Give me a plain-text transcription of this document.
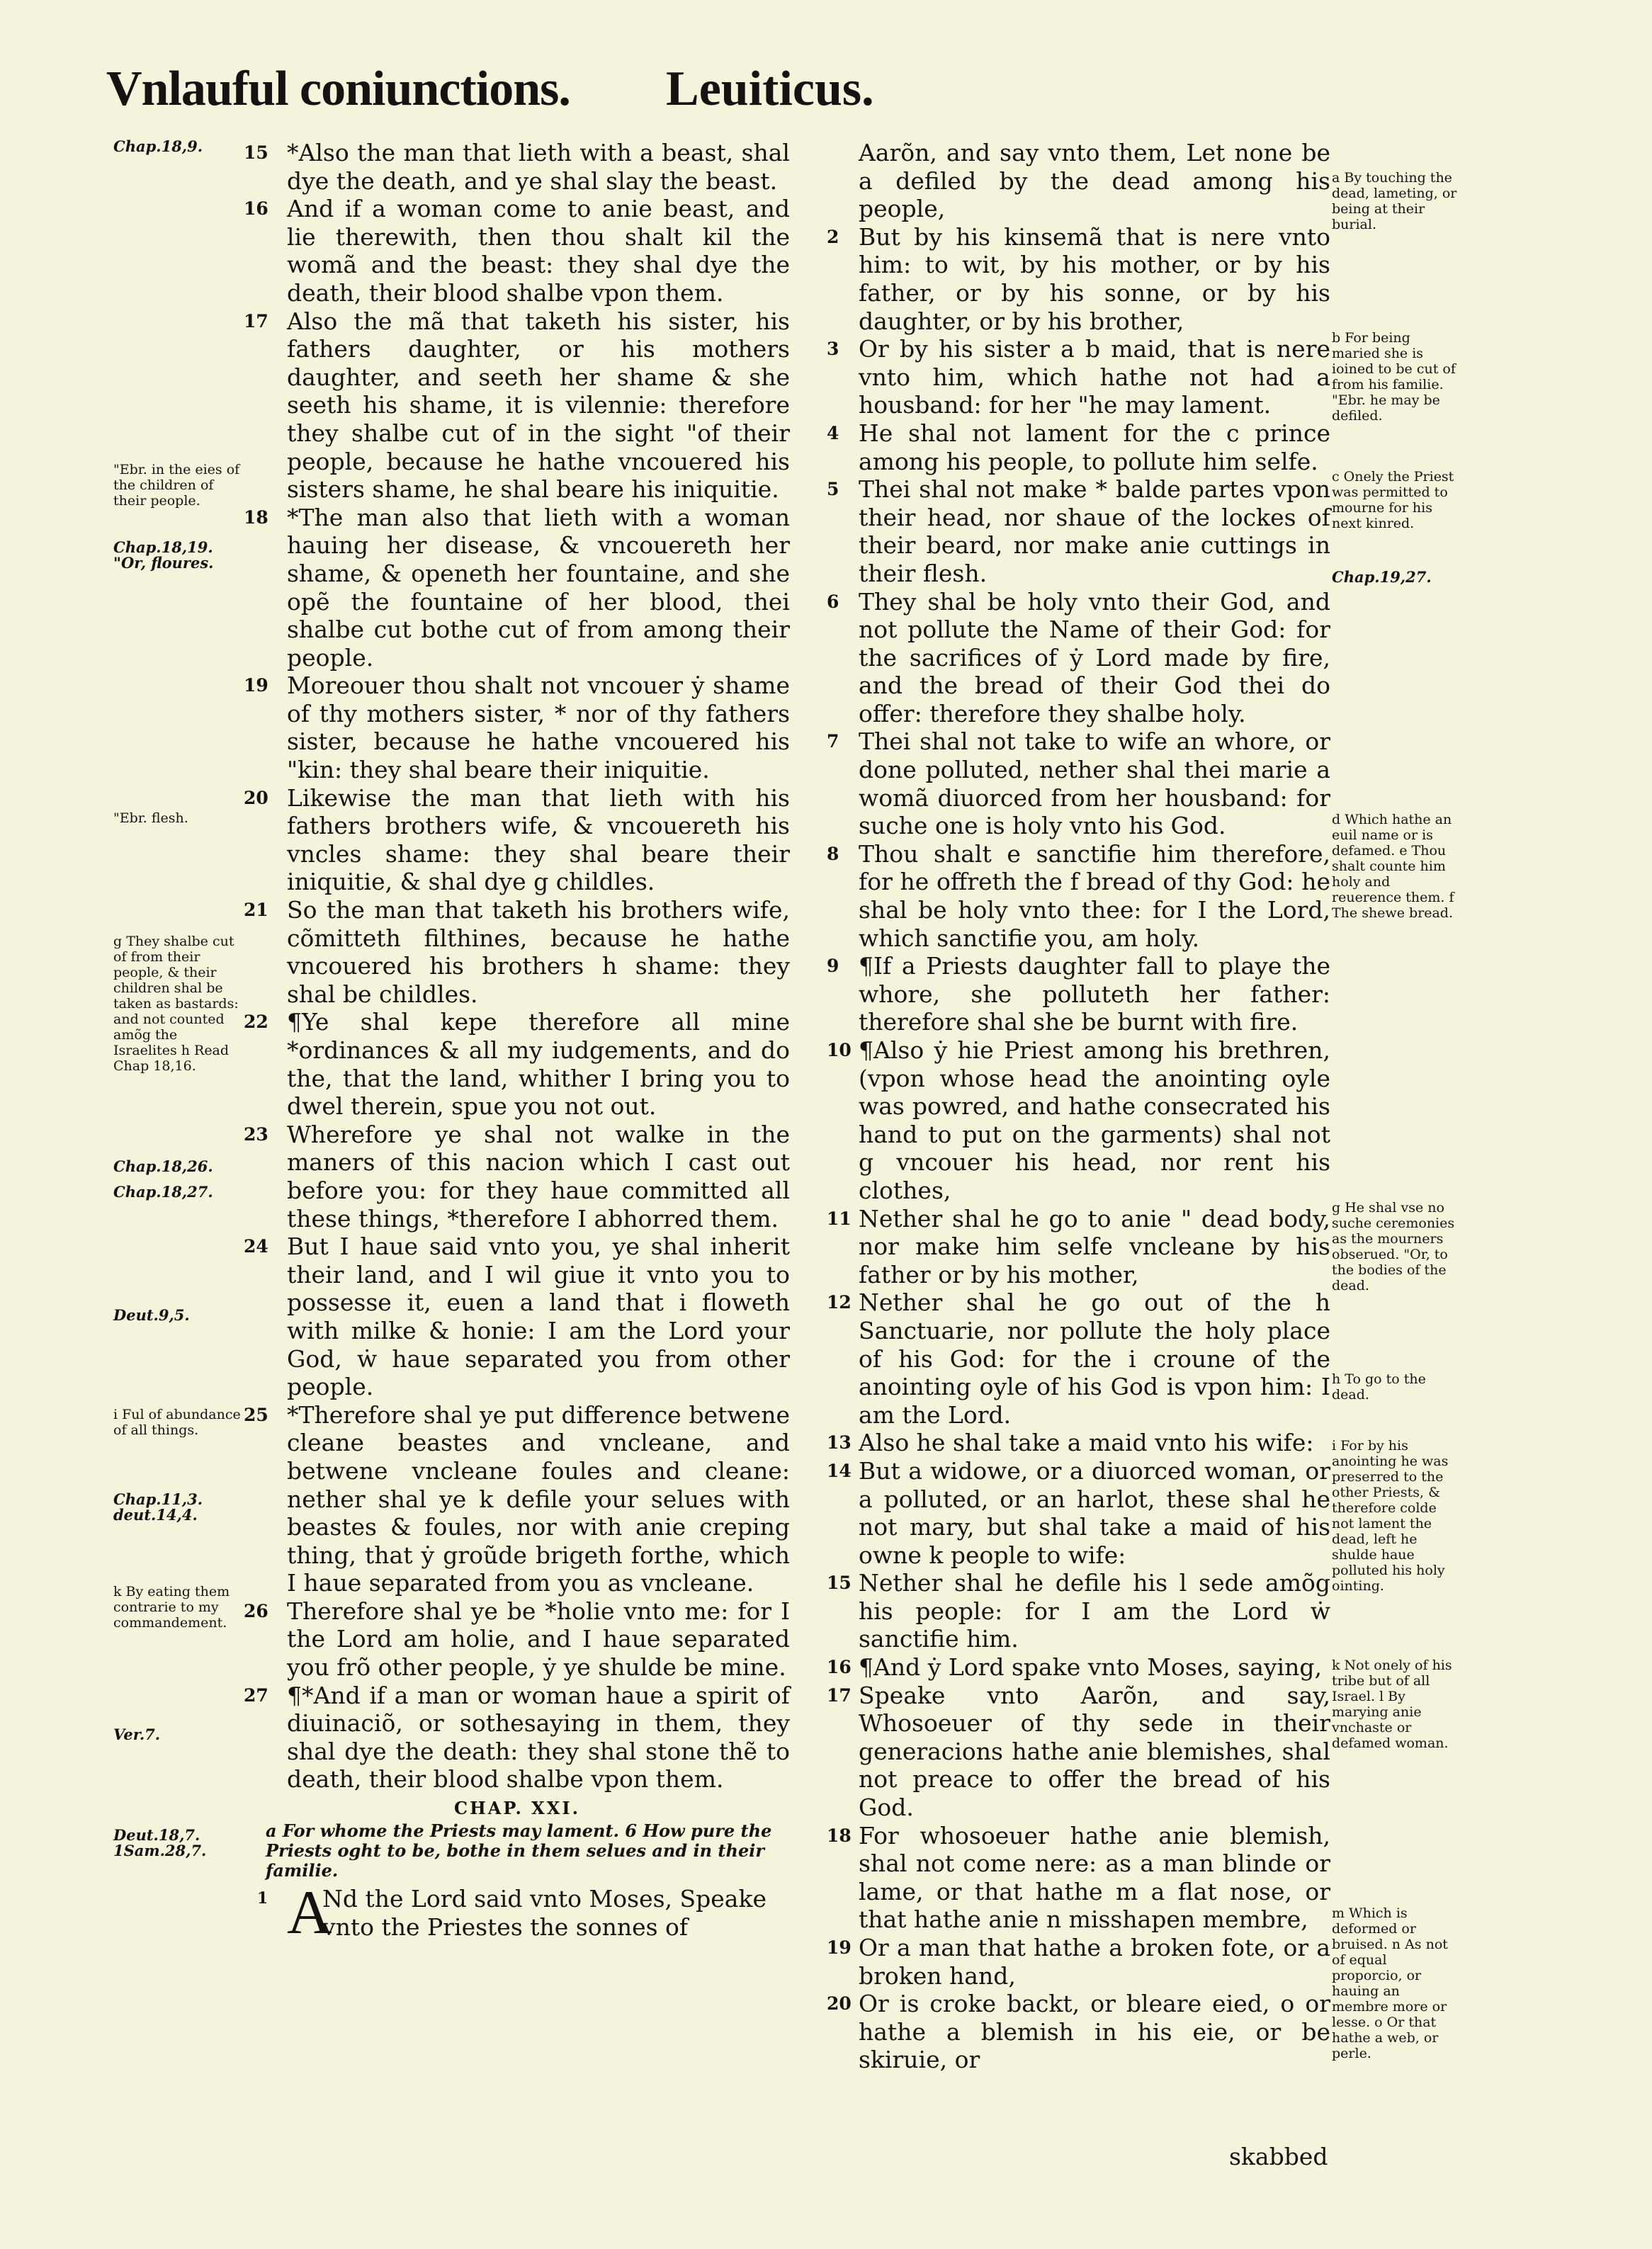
Vnlauful coniunctions. Leuiticus.
Chap.18,9.
"Ebr. in the eies of the children of their people.
Chap.18,19. "Or, floures.
"Ebr. flesh.
g They shalbe cut of from their people, & their children shal be taken as bastards: and not counted amõg the Israelites h Read Chap 18,16.
Chap.18,26.
Chap.18,27.
Deut.9,5.
i Ful of abundance of all things.
Chap.11,3. deut.14,4.
k By eating them contrarie to my commandement.
Ver.7.
Deut.18,7. 1Sam.28,7.
15 *Also the man that lieth with a beast, shal dye the death, and ye shal slay the beast.
16 And if a woman come to anie beast, and lie therewith, then thou shalt kil the womã and the beast: they shal dye the death, their blood shalbe vpon them.
17 Also the mã that taketh his sister, his fathers daughter, or his mothers daughter, and seeth her shame & she seeth his shame, it is vilennie: therefore they shalbe cut of in the sight "of their people, because he hathe vncouered his sisters shame, he shal beare his iniquitie.
18 *The man also that lieth with a woman hauing her disease, & vncouereth her shame, & openeth her fountaine, and she opẽ the fountaine of her blood, thei shalbe cut bothe cut of from among their people.
19 Moreouer thou shalt not vncouer ẏ shame of thy mothers sister, * nor of thy fathers sister, because he hathe vncouered his "kin: they shal beare their iniquitie.
20 Likewise the man that lieth with his fathers brothers wife, & vncouereth his vncles shame: they shal beare their iniquitie, & shal dye g childles.
21 So the man that taketh his brothers wife, cõmitteth filthines, because he hathe vncouered his brothers h shame: they shal be childles.
22 ¶Ye shal kepe therefore all mine *ordinances & all my iudgements, and do the, that the land, whither I bring you to dwel therein, spue you not out.
23 Wherefore ye shal not walke in the maners of this nacion which I cast out before you: for they haue committed all these things, *therefore I abhorred them.
24 But I haue said vnto you, ye shal inherit their land, and I wil giue it vnto you to possesse it, euen a land that i floweth with milke & honie: I am the Lord your God, ẇ haue separated you from other people.
25 *Therefore shal ye put difference betwene cleane beastes and vncleane, and betwene vncleane foules and cleane: nether shal ye k defile your selues with beastes & foules, nor with anie creping thing, that ẏ groũde brigeth forthe, which I haue separated from you as vncleane.
26 Therefore shal ye be *holie vnto me: for I the Lord am holie, and I haue separated you frõ other people, ẏ ye shulde be mine.
27 ¶*And if a man or woman haue a spirit of diuinaciõ, or sothesaying in them, they shal dye the death: they shal stone thẽ to death, their blood shalbe vpon them.
CHAP. XXI.
a For whome the Priests may lament. 6 How pure the Priests oght to be, bothe in them selues and in their familie.
1 A
Nd the Lord said vnto Moses, Speake vnto the Priestes the sonnes of
Aarõn, and say vnto them, Let none be a defiled by the dead among his people,
2 But by his kinsemã that is nere vnto him: to wit, by his mother, or by his father, or by his sonne, or by his daughter, or by his brother,
3 Or by his sister a b maid, that is nere vnto him, which hathe not had a housband: for her "he may lament.
4 He shal not lament for the c prince among his people, to pollute him selfe.
5 Thei shal not make * balde partes vpon their head, nor shaue of the lockes of their beard, nor make anie cuttings in their flesh.
6 They shal be holy vnto their God, and not pollute the Name of their God: for the sacrifices of ẏ Lord made by fire, and the bread of their God thei do offer: therefore they shalbe holy.
7 Thei shal not take to wife an whore, or done polluted, nether shal thei marie a womã diuorced from her housband: for suche one is holy vnto his God.
8 Thou shalt e sanctifie him therefore, for he offreth the f bread of thy God: he shal be holy vnto thee: for I the Lord, which sanctifie you, am holy.
9 ¶If a Priests daughter fall to playe the whore, she polluteth her father: therefore shal she be burnt with fire.
10 ¶Also ẏ hie Priest among his brethren, (vpon whose head the anointing oyle was powred, and hathe consecrated his hand to put on the garments) shal not g vncouer his head, nor rent his clothes,
11 Nether shal he go to anie " dead body, nor make him selfe vncleane by his father or by his mother,
12 Nether shal he go out of the h Sanctuarie, nor pollute the holy place of his God: for the i croune of the anointing oyle of his God is vpon him: I am the Lord.
13 Also he shal take a maid vnto his wife:
14 But a widowe, or a diuorced woman, or a polluted, or an harlot, these shal he not mary, but shal take a maid of his owne k people to wife:
15 Nether shal he defile his l sede amõg his people: for I am the Lord ẇ sanctifie him.
16 ¶And ẏ Lord spake vnto Moses, saying,
17 Speake vnto Aarõn, and say, Whosoeuer of thy sede in their generacions hathe anie blemishes, shal not preace to offer the bread of his God.
18 For whosoeuer hathe anie blemish, shal not come nere: as a man blinde or lame, or that hathe m a flat nose, or that hathe anie n misshapen membre,
19 Or a man that hathe a broken fote, or a broken hand,
20 Or is croke backt, or bleare eied, o or hathe a blemish in his eie, or be skiruie, or
a By touching the dead, lameting, or being at their burial.
b For being maried she is ioined to be cut of from his familie. "Ebr. he may be defiled.
c Onely the Priest was permitted to mourne for his next kinred.
Chap.19,27.
d Which hathe an euil name or is defamed. e Thou shalt counte him holy and reuerence them. f The shewe bread.
g He shal vse no suche ceremonies as the mourners obserued. "Or, to the bodies of the dead.
h To go to the dead.
i For by his anointing he was preserred to the other Priests, & therefore colde not lament the dead, left he shulde haue polluted his holy ointing.
k Not onely of his tribe but of all Israel. l By marying anie vnchaste or defamed woman.
m Which is deformed or bruised. n As not of equal proporcio, or hauing an membre more or lesse. o Or that hathe a web, or perle.
skabbed
